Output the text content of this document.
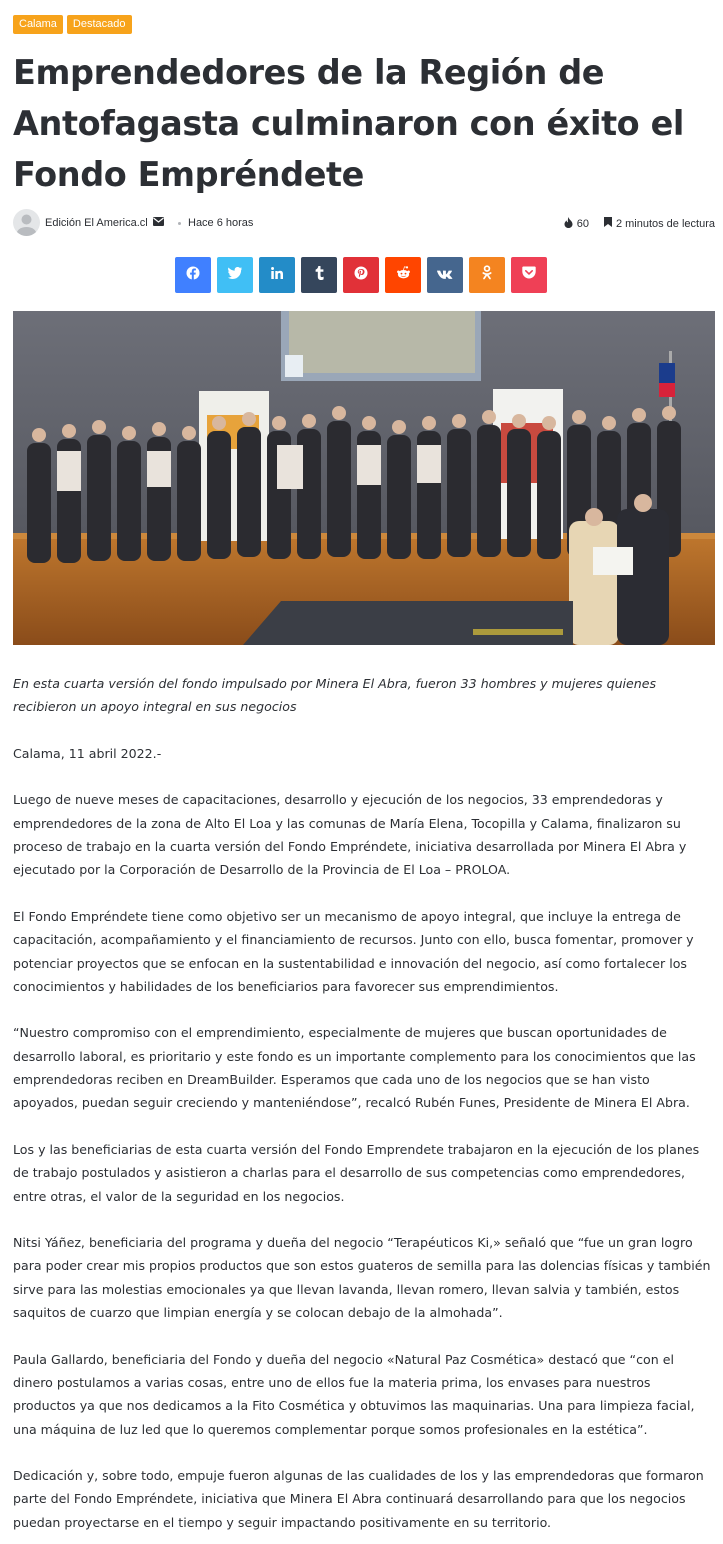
Calama	Destacado
Emprendedores de la Región de Antofagasta culminaron con éxito el Fondo Empréndete
Edición El America.cl	Hace 6 horas	60 2 minutos de lectura

En esta cuarta versión del fondo impulsado por Minera El Abra, fueron 33 hombres y mujeres quienes recibieron un apoyo integral en sus negocios

Calama, 11 abril 2022.-

Luego de nueve meses de capacitaciones, desarrollo y ejecución de los negocios, 33 emprendedoras y emprendedores de la zona de Alto El Loa y las comunas de María Elena, Tocopilla y Calama, finalizaron su proceso de trabajo en la cuarta versión del Fondo Empréndete, iniciativa desarrollada por Minera El Abra y ejecutado por la Corporación de Desarrollo de la Provincia de El Loa – PROLOA.

El Fondo Empréndete tiene como objetivo ser un mecanismo de apoyo integral, que incluye la entrega de capacitación, acompañamiento y el financiamiento de recursos. Junto con ello, busca fomentar, promover y potenciar proyectos que se enfocan en la sustentabilidad e innovación del negocio, así como fortalecer los conocimientos y habilidades de los beneficiarios para favorecer sus emprendimientos.

“Nuestro compromiso con el emprendimiento, especialmente de mujeres que buscan oportunidades de desarrollo laboral, es prioritario y este fondo es un importante complemento para los conocimientos que las emprendedoras reciben en DreamBuilder. Esperamos que cada uno de los negocios que se han visto apoyados, puedan seguir creciendo y manteniéndose”, recalcó Rubén Funes, Presidente de Minera El Abra.

Los y las beneficiarias de esta cuarta versión del Fondo Emprendete trabajaron en la ejecución de los planes de trabajo postulados y asistieron a charlas para el desarrollo de sus competencias como emprendedores, entre otras, el valor de la seguridad en los negocios.

Nitsi Yáñez, beneficiaria del programa y dueña del negocio “Terapéuticos Ki,» señaló que “fue un gran logro para poder crear mis propios productos que son estos guateros de semilla para las dolencias físicas y también sirve para las molestias emocionales ya que llevan lavanda, llevan romero, llevan salvia y también, estos saquitos de cuarzo que limpian energía y se colocan debajo de la almohada”.

Paula Gallardo, beneficiaria del Fondo y dueña del negocio «Natural Paz Cosmética» destacó que “con el dinero postulamos a varias cosas, entre uno de ellos fue la materia prima, los envases para nuestros productos ya que nos dedicamos a la Fito Cosmética y obtuvimos las maquinarias. Una para limpieza facial, una máquina de luz led que lo queremos complementar porque somos profesionales en la estética”.

Dedicación y, sobre todo, empuje fueron algunas de las cualidades de los y las emprendedoras que formaron parte del Fondo Empréndete, iniciativa que Minera El Abra continuará desarrollando para que los negocios puedan proyectarse en el tiempo y seguir impactando positivamente en su territorio.
